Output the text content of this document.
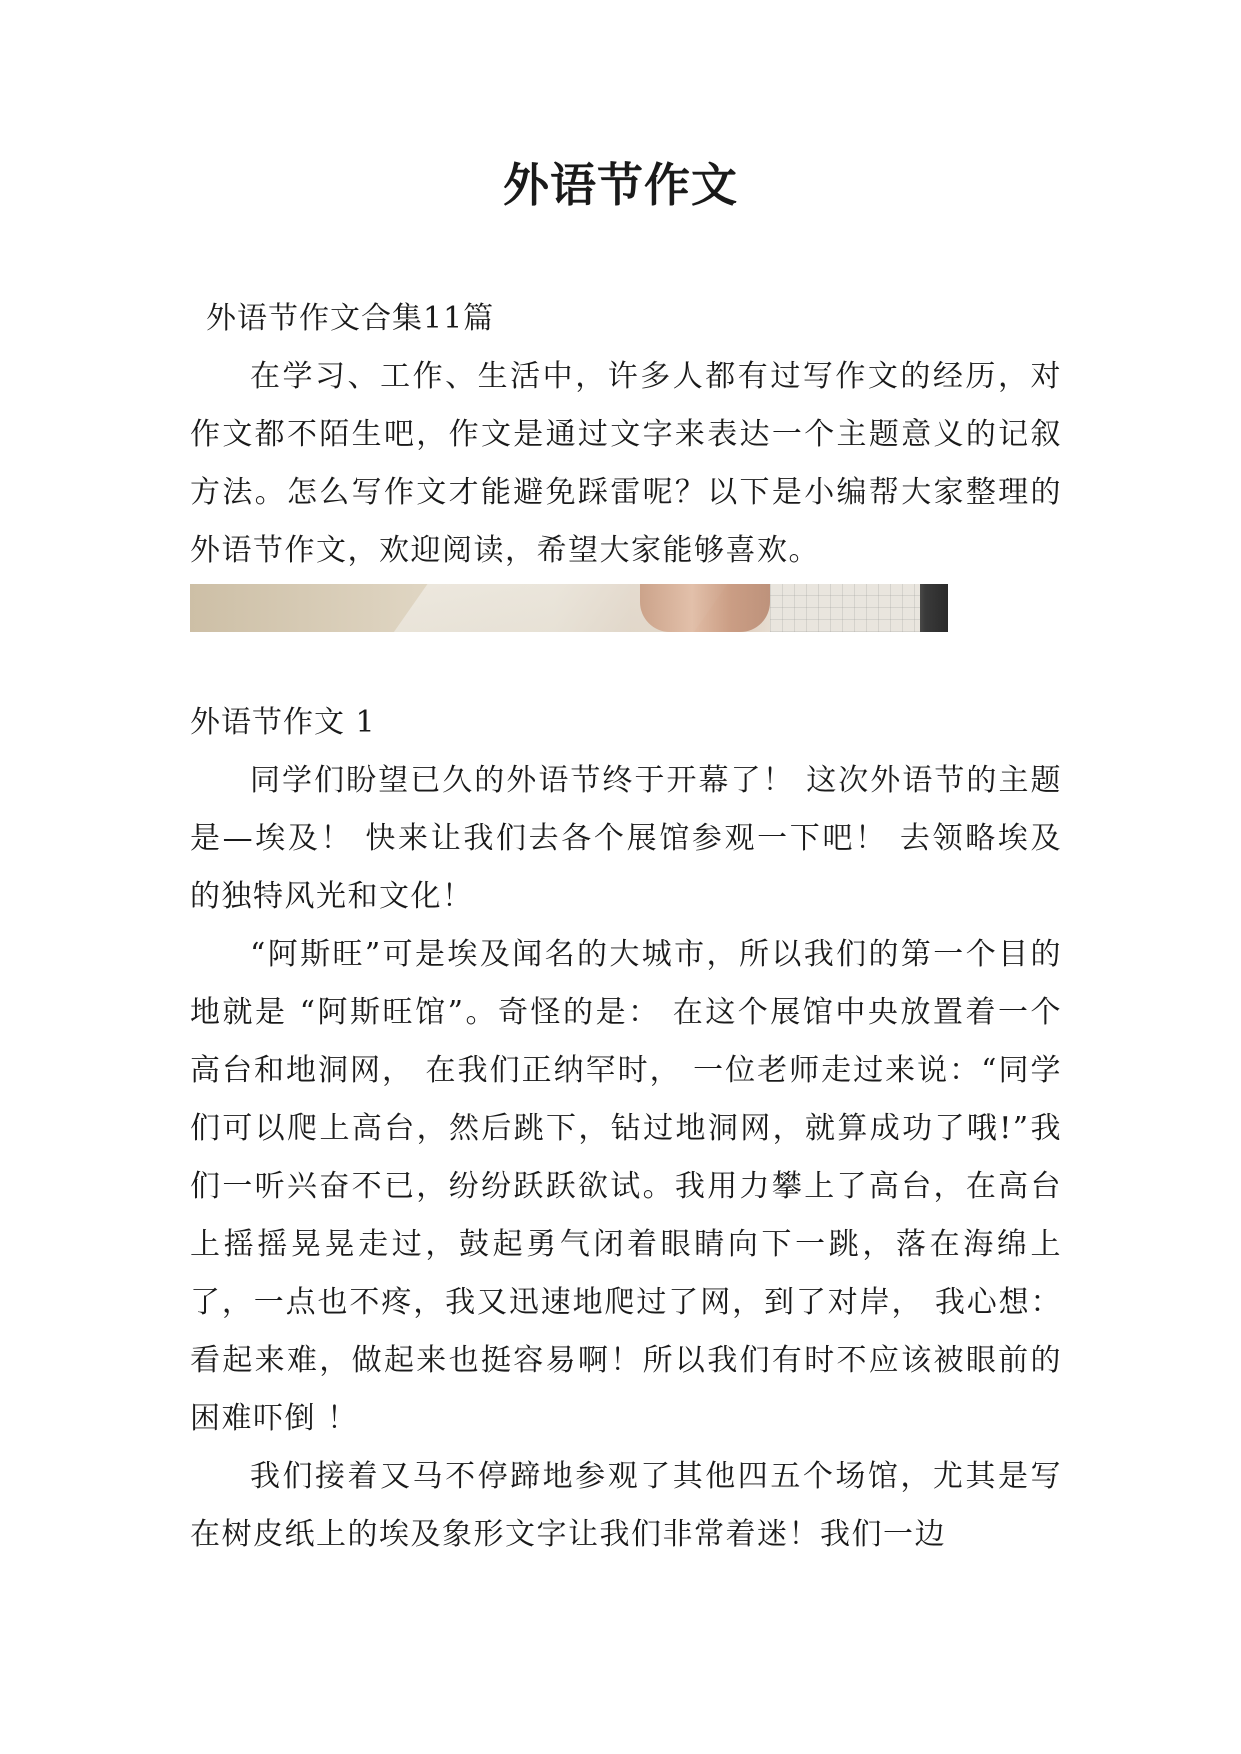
外语节作文

外语节作文合集11篇

在学习、工作、生活中，许多人都有过写作文的经历，对作文都不陌生吧，作文是通过文字来表达一个主题意义的记叙方法。怎么写作文才能避免踩雷呢？以下是小编帮大家整理的外语节作文，欢迎阅读，希望大家能够喜欢。

外语节作文 1

同学们盼望已久的外语节终于开幕了！ 这次外语节的主题是—埃及！ 快来让我们去各个展馆参观一下吧！ 去领略埃及的独特风光和文化！

“阿斯旺”可是埃及闻名的大城市，所以我们的第一个目的地就是 “阿斯旺馆”。奇怪的是： 在这个展馆中央放置着一个高台和地洞网， 在我们正纳罕时， 一位老师走过来说：“同学们可以爬上高台，然后跳下，钻过地洞网，就算成功了哦!”我们一听兴奋不已，纷纷跃跃欲试。我用力攀上了高台，在高台上摇摇晃晃走过，鼓起勇气闭着眼睛向下一跳，落在海绵上了，一点也不疼，我又迅速地爬过了网，到了对岸， 我心想：看起来难，做起来也挺容易啊！所以我们有时不应该被眼前的困难吓倒 ！

我们接着又马不停蹄地参观了其他四五个场馆，尤其是写在树皮纸上的埃及象形文字让我们非常着迷！我们一边
